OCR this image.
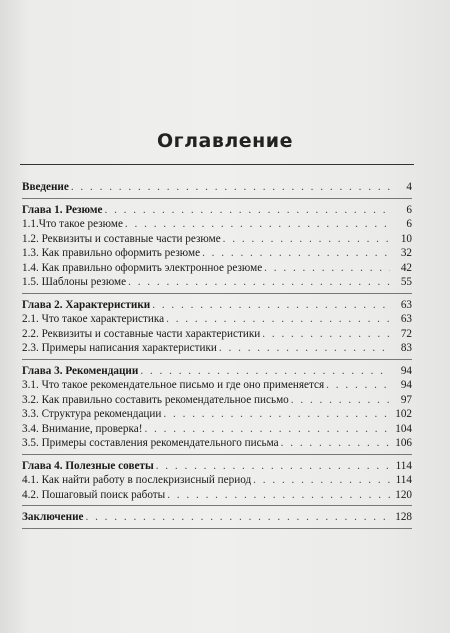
Оглавление
Введение . . .	4
Глава 1. Резюме . . .	6
1.1.Что такое резюме . . .	6
1.2. Реквизиты и составные части резюме . . .	10
1.3. Как правильно оформить резюме . . .	32
1.4. Как правильно оформить электронное резюме . . .	42
1.5. Шаблоны резюме . . .	55
Глава 2. Характеристики . . .	63
2.1. Что такое характеристика . . .	63
2.2. Реквизиты и составные части характеристики . . .	72
2.3. Примеры написания характеристики . . .	83
Глава 3. Рекомендации . . .	94
3.1. Что такое рекомендательное письмо и где оно применяется . . .	94
3.2. Как правильно составить рекомендательное письмо . . .	97
3.3. Структура рекомендации . . .	102
3.4. Внимание, проверка! . . .	104
3.5. Примеры составления рекомендательного письма . . .	106
Глава 4. Полезные советы . . .	114
4.1. Как найти работу в послекризисный период . . .	114
4.2. Пошаговый поиск работы . . .	120
Заключение . . .	128
